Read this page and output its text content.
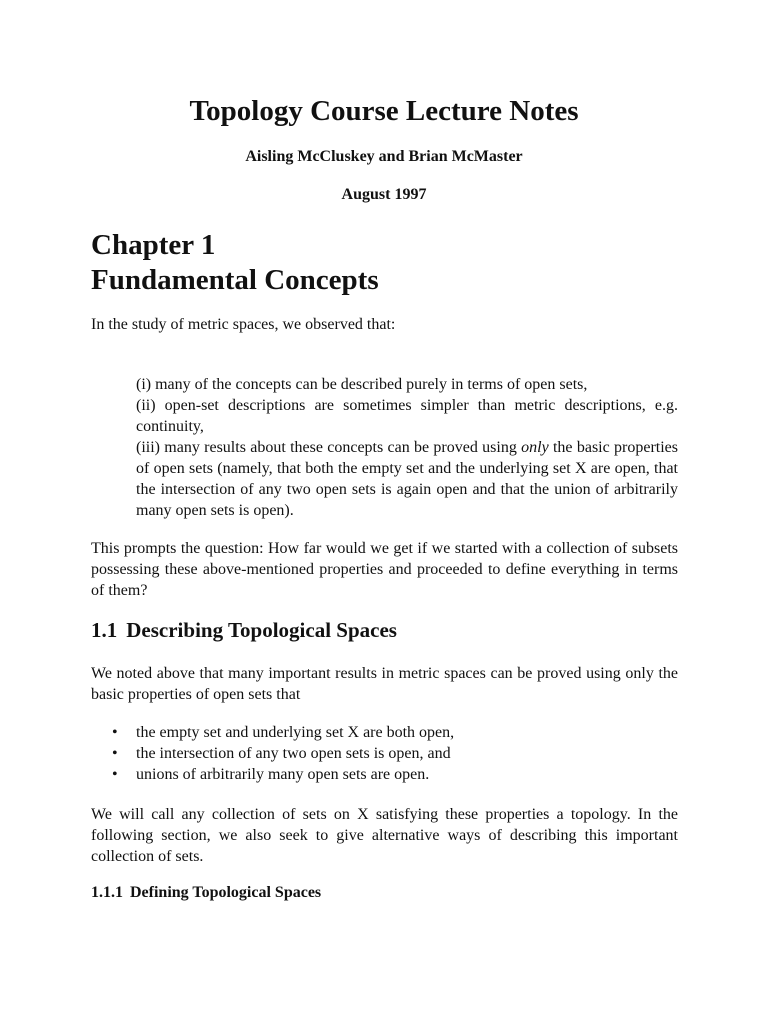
Topology Course Lecture Notes
Aisling McCluskey and Brian McMaster
August 1997
Chapter 1
Fundamental Concepts

In the study of metric spaces, we observed that:

(i) many of the concepts can be described purely in terms of open sets,
(ii) open-set descriptions are sometimes simpler than metric descriptions, e.g. continuity,
(iii) many results about these concepts can be proved using only the basic properties of open sets (namely, that both the empty set and the underlying set X are open, that the intersection of any two open sets is again open and that the union of arbitrarily many open sets is open).

This prompts the question: How far would we get if we started with a collection of subsets possessing these above-mentioned properties and proceeded to define everything in terms of them?

1.1 Describing Topological Spaces

We noted above that many important results in metric spaces can be proved using only the basic properties of open sets that

• the empty set and underlying set X are both open,
• the intersection of any two open sets is open, and
• unions of arbitrarily many open sets are open.

We will call any collection of sets on X satisfying these properties a topology. In the following section, we also seek to give alternative ways of describing this important collection of sets.

1.1.1 Defining Topological Spaces
